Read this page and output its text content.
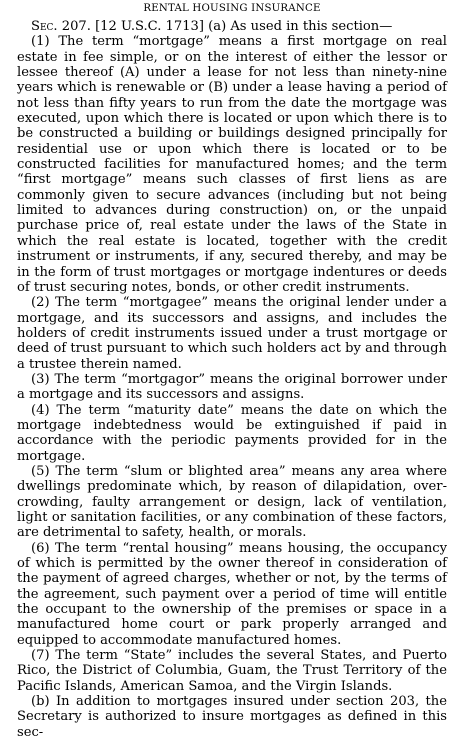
RENTAL HOUSING INSURANCE

Sec. 207. [12 U.S.C. 1713] (a) As used in this section—

(1) The term “mortgage” means a first mortgage on real estate in fee simple, or on the interest of either the lessor or lessee thereof (A) under a lease for not less than ninety-nine years which is renewable or (B) under a lease having a period of not less than fifty years to run from the date the mortgage was executed, upon which there is located or upon which there is to be constructed a building or buildings designed principally for residential use or upon which there is located or to be constructed facilities for manufactured homes; and the term “first mortgage” means such classes of first liens as are commonly given to secure advances (including but not being limited to advances during construction) on, or the unpaid purchase price of, real estate under the laws of the State in which the real estate is located, together with the credit instrument or instruments, if any, secured thereby, and may be in the form of trust mortgages or mortgage indentures or deeds of trust securing notes, bonds, or other credit instruments.

(2) The term “mortgagee” means the original lender under a mortgage, and its successors and assigns, and includes the holders of credit instruments issued under a trust mortgage or deed of trust pursuant to which such holders act by and through a trustee therein named.

(3) The term “mortgagor” means the original borrower under a mortgage and its successors and assigns.

(4) The term “maturity date” means the date on which the mortgage indebtedness would be extinguished if paid in accordance with the periodic payments provided for in the mortgage.

(5) The term “slum or blighted area” means any area where dwellings predominate which, by reason of dilapidation, overcrowding, faulty arrangement or design, lack of ventilation, light or sanitation facilities, or any combination of these factors, are detrimental to safety, health, or morals.

(6) The term “rental housing” means housing, the occupancy of which is permitted by the owner thereof in consideration of the payment of agreed charges, whether or not, by the terms of the agreement, such payment over a period of time will entitle the occupant to the ownership of the premises or space in a manufactured home court or park properly arranged and equipped to accommodate manufactured homes.

(7) The term “State” includes the several States, and Puerto Rico, the District of Columbia, Guam, the Trust Territory of the Pacific Islands, American Samoa, and the Virgin Islands.

(b) In addition to mortgages insured under section 203, the Secretary is authorized to insure mortgages as defined in this sec-
